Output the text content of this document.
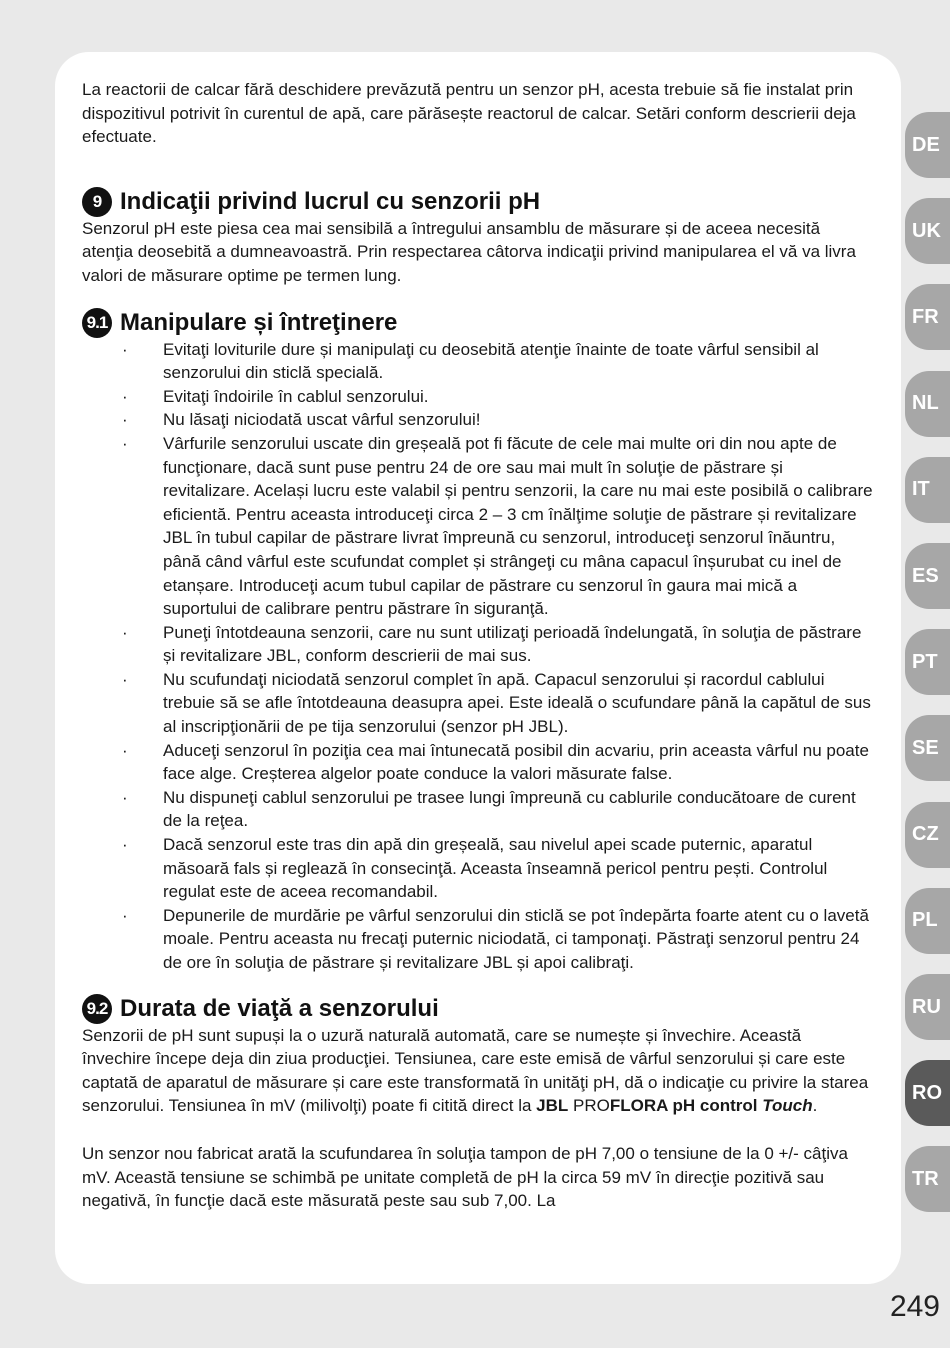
La reactorii de calcar fără deschidere prevăzută pentru un senzor pH, acesta trebuie să fie instalat prin dispozitivul potrivit în curentul de apă, care părăsește reactorul de calcar. Setări conform descrierii deja efectuate.

9 Indicaţii privind lucrul cu senzorii pH

Senzorul pH este piesa cea mai sensibilă a întregului ansamblu de măsurare și de aceea necesită atenţia deosebită a dumneavoastră. Prin respectarea câtorva indicaţii privind manipularea el vă va livra valori de măsurare optime pe termen lung.

9.1 Manipulare și întreţinere
· Evitaţi loviturile dure și manipulaţi cu deosebită atenţie înainte de toate vârful sensibil al senzorului din sticlă specială.
· Evitaţi îndoirile în cablul senzorului.
· Nu lăsaţi niciodată uscat vârful senzorului!
· Vârfurile senzorului uscate din greșeală pot fi făcute de cele mai multe ori din nou apte de funcţionare, dacă sunt puse pentru 24 de ore sau mai mult în soluţie de păstrare și revitalizare. Același lucru este valabil și pentru senzorii, la care nu mai este posibilă o calibrare eficientă. Pentru aceasta introduceţi circa 2 – 3 cm înălţime soluţie de păstrare și revitalizare JBL în tubul capilar de păstrare livrat împreună cu senzorul, introduceţi senzorul înăuntru, până când vârful este scufundat complet și strângeţi cu mâna capacul înșurubat cu inel de etanșare. Introduceţi acum tubul capilar de păstrare cu senzorul în gaura mai mică a suportului de calibrare pentru păstrare în siguranţă.
· Puneţi întotdeauna senzorii, care nu sunt utilizaţi perioadă îndelungată, în soluţia de păstrare și revitalizare JBL, conform descrierii de mai sus.
· Nu scufundaţi niciodată senzorul complet în apă. Capacul senzorului și racordul cablului trebuie să se afle întotdeauna deasupra apei. Este ideală o scufundare până la capătul de sus al inscripţionării de pe tija senzorului (senzor pH JBL).
· Aduceţi senzorul în poziţia cea mai întunecată posibil din acvariu, prin aceasta vârful nu poate face alge. Creșterea algelor poate conduce la valori măsurate false.
· Nu dispuneţi cablul senzorului pe trasee lungi împreună cu cablurile conducătoare de curent de la reţea.
· Dacă senzorul este tras din apă din greșeală, sau nivelul apei scade puternic, aparatul măsoară fals și reglează în consecinţă. Aceasta înseamnă pericol pentru pești. Controlul regulat este de aceea recomandabil.
· Depunerile de murdărie pe vârful senzorului din sticlă se pot îndepărta foarte atent cu o lavetă moale. Pentru aceasta nu frecaţi puternic niciodată, ci tamponaţi. Păstraţi senzorul pentru 24 de ore în soluţia de păstrare și revitalizare JBL și apoi calibraţi.
9.2 Durata de viaţă a senzorului

Senzorii de pH sunt supuși la o uzură naturală automată, care se numește și învechire. Această învechire începe deja din ziua producţiei. Tensiunea, care este emisă de vârful senzorului și care este captată de aparatul de măsurare și care este transformată în unităţi pH, dă o indicaţie cu privire la starea senzorului. Tensiunea în mV (milivolţi) poate fi citită direct la JBL PROFLORA pH control Touch.

Un senzor nou fabricat arată la scufundarea în soluţia tampon de pH 7,00 o tensiune de la 0 +/- câţiva mV. Această tensiune se schimbă pe unitate completă de pH la circa 59 mV în direcţie pozitivă sau negativă, în funcţie dacă este măsurată peste sau sub 7,00. La

DE
UK
FR
NL
IT
ES
PT
SE
CZ
PL
RU
RO
TR
249
